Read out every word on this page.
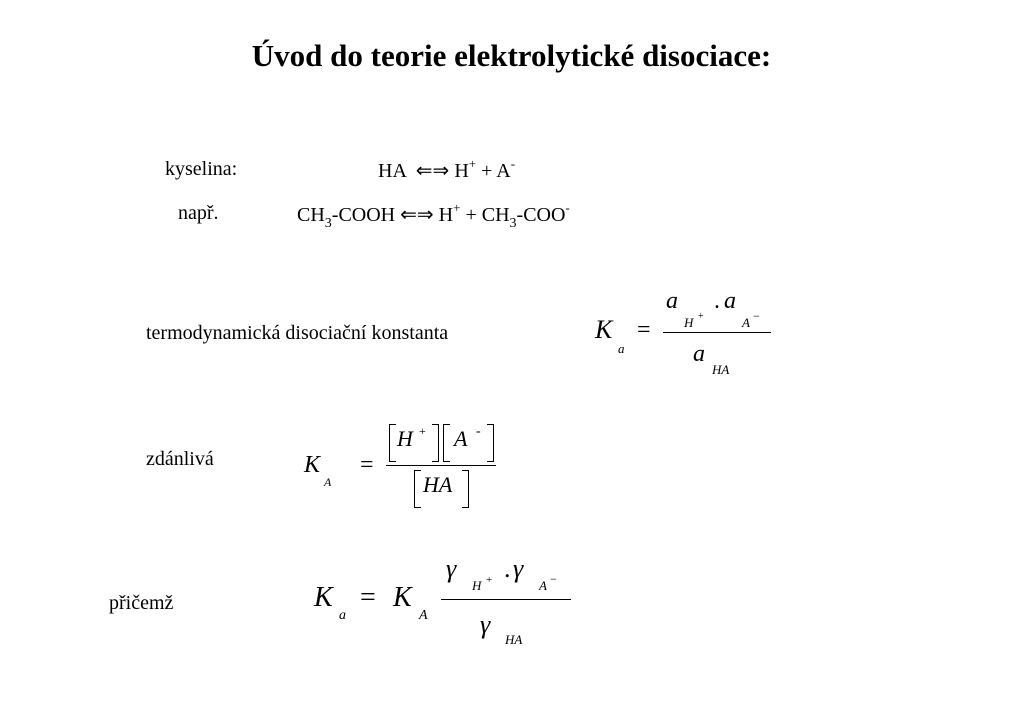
Úvod do teorie elektrolytické disociace:
kyselina:	HA ⇐⇒ H+ + A-
např.	$CH_3$-COOH ⇐⇒ $H^+ + CH_3-COO^-$
termodynamická disociační konstanta	K
a
=
a
H +
. a
A −
a
HA
zdánlivá	K
A
=
H + A -
HA
přičemž	K
a
= K
A
γ
H + . γ
A −
γ
HA
